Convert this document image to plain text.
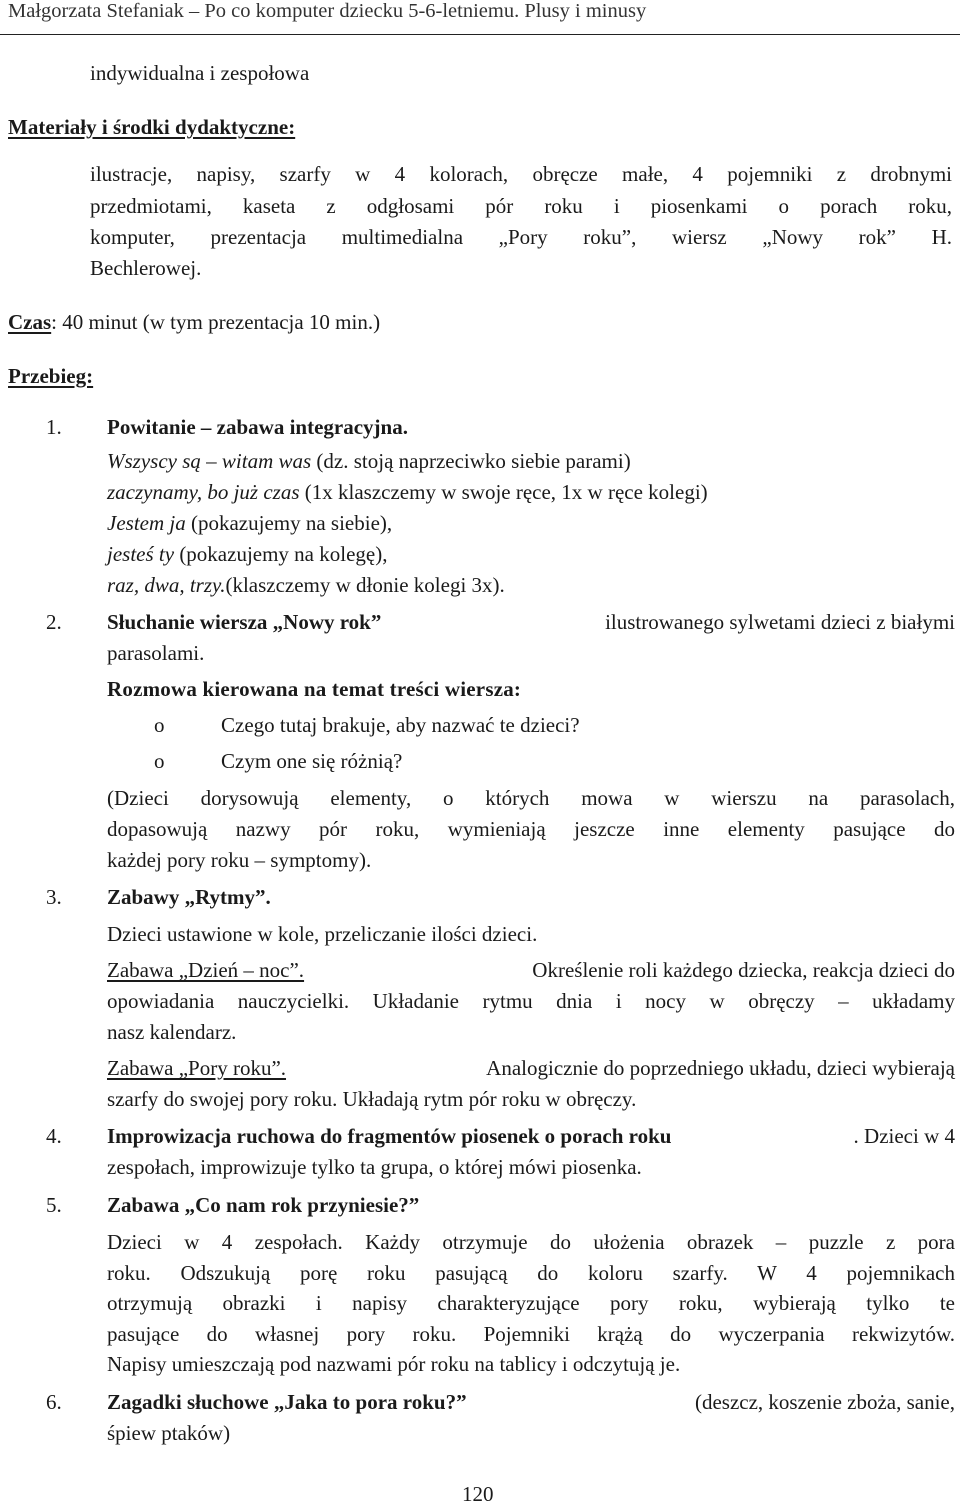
Małgorzata Stefaniak – Po co komputer dziecku 5-6-letniemu. Plusy i minusy
indywidualna i zespołowa
Materiały i środki dydaktyczne:
ilustracje, napisy, szarfy w 4 kolorach, obręcze małe, 4 pojemniki z drobnymi
przedmiotami, kaseta z odgłosami pór roku i piosenkami o porach roku,
komputer, prezentacja multimedialna „Pory roku”, wiersz „Nowy rok” H.
Bechlerowej.
Czas: 40 minut (w tym prezentacja 10 min.)
Przebieg:
1. Powitanie – zabawa integracyjna.
Wszyscy są – witam was (dz. stoją naprzeciwko siebie parami)
zaczynamy, bo już czas (1x klaszczemy w swoje ręce, 1x w ręce kolegi)
Jestem ja (pokazujemy na siebie),
jesteś ty (pokazujemy na kolegę),
raz, dwa, trzy.(klaszczemy w dłonie kolegi 3x).
2. Słuchanie wiersza „Nowy rok”	ilustrowanego sylwetami dzieci z białymi
parasolami.
Rozmowa kierowana na temat treści wiersza:
o	Czego tutaj brakuje, aby nazwać te dzieci?
o	Czym one się różnią?
(Dzieci dorysowują elementy, o których mowa w wierszu na parasolach,
dopasowują nazwy pór roku, wymieniają jeszcze inne elementy pasujące do
każdej pory roku – symptomy).
3. Zabawy „Rytmy”.
Dzieci ustawione w kole, przeliczanie ilości dzieci.
Zabawa „Dzień – noc”.	Określenie roli każdego dziecka, reakcja dzieci do
opowiadania nauczycielki. Układanie rytmu dnia i nocy w obręczy – układamy
nasz kalendarz.
Zabawa „Pory roku”.	Analogicznie do poprzedniego układu, dzieci wybierają
szarfy do swojej pory roku. Układają rytm pór roku w obręczy.
4. Improwizacja ruchowa do fragmentów piosenek o porach roku	. Dzieci w 4
zespołach, improwizuje tylko ta grupa, o której mówi piosenka.
5. Zabawa „Co nam rok przyniesie?”
Dzieci w 4 zespołach. Każdy otrzymuje do ułożenia obrazek – puzzle z pora
roku. Odszukują porę roku pasującą do koloru szarfy. W 4 pojemnikach
otrzymują obrazki i napisy charakteryzujące pory roku, wybierają tylko te
pasujące do własnej pory roku. Pojemniki krążą do wyczerpania rekwizytów.
Napisy umieszczają pod nazwami pór roku na tablicy i odczytują je.
6. Zagadki słuchowe „Jaka to pora roku?”	(deszcz, koszenie zboża, sanie,
śpiew ptaków)
120
